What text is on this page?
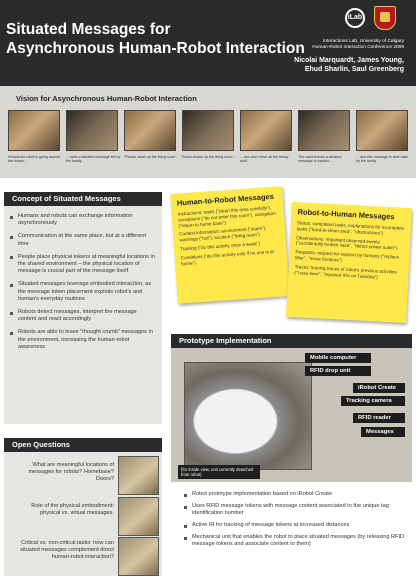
Situated Messages for
Asynchronous Human-Robot Interaction
iLab
Interactions Lab, University of Calgary
Human-Robot Interaction Conference 2009
Nicolai Marquardt, James Young,
Ehud Sharlin, Saul Greenberg
Vision for Asynchronous Human-Robot Interaction
Household robot is going around the house...
... sees a situated message left by the family.
"Please clean up the living room"	Robot cleans up the living room...	... but can't move all the heavy stuff.
The robot leaves a situated message to explain...
... and this message is seen later by the family.
Concept of Situated Messages
Humans and robots can exchange information asynchronously
Communication at the same place, but at a different time
People place physical tokens at meaningful locations in the shared environment – the physical location of message is crucial part of the message itself
Situated messages leverage embodied interaction, as the message token placement exploits robot's and human's everyday routines
Robots detect messages, interpret the message content and react accordingly
Robots are able to leave "thought crumb" messages in the environment, increasing the human-robot awareness
Open Questions
What are meaningful locations of messages for robots? Homebase? Doors?
Role of the physical embodiment: physical vs. virtual messages.
Critical vs. non-critical tasks: how can situated messages complement direct human-robot interaction?
Human-to-Robot Messages

Instructions: tasks ("clean this area carefully"), exceptions ("do not enter this room"), navigation ("return to home base")

Context information: environment ("stairs"), warnings ("hot"), location ("living room")

Training ("do this activity once a week")

Conditions ("do this activity only if no one is at home")

Robot-to-Human Messages

Status: completed tasks, explanations for incomplete tasks ("hard-to-clean area", "obstructions")

Observations: important observed events ("accidentally broken vase", "defect power outlet")

Requests: request for support by humans ("replace filter", "move furniture")

Traces: leaving traces of robot's previous activities ("I was here", "repaired this on Tuesday")

Prototype Implementation
Mobile computer
RFID drop unit
iRobot Create
Tracking camera
RFID reader
Messages
(for inside view, unit currently detached from robot)
Robot prototype implementation based on iRobot Create
Uses RFID message tokens with message content associated to the unique tag identification number
Active IR for tracking of message tokens at increased distances
Mechanical unit that enables the robot to place situated messages (by releasing RFID message tokens and associate content to them)
